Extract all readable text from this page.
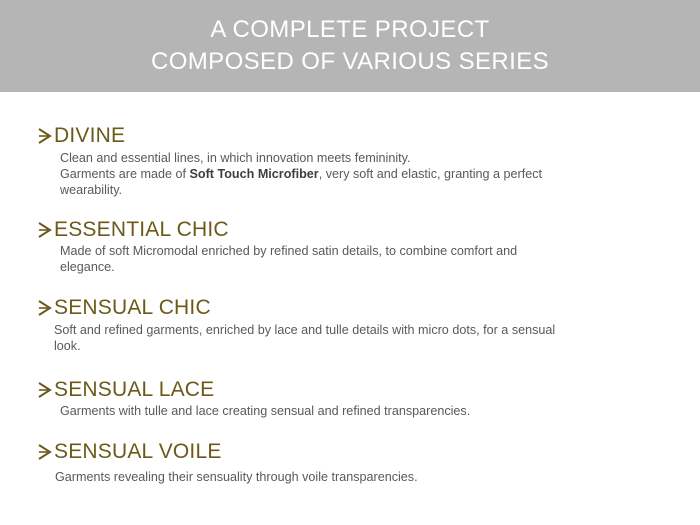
A COMPLETE PROJECT
COMPOSED OF VARIOUS SERIES
DIVINE
Clean and essential lines, in which innovation meets femininity.
Garments are made of Soft Touch Microfiber, very soft and elastic, granting a perfect
wearability.
ESSENTIAL CHIC
Made of soft Micromodal enriched by refined satin details, to combine comfort and
elegance.
SENSUAL CHIC
Soft and refined garments, enriched by lace and tulle details with micro dots, for a sensual
look.
SENSUAL LACE
Garments with tulle and lace creating sensual and refined transparencies.
SENSUAL VOILE
Garments revealing their sensuality through voile transparencies.
